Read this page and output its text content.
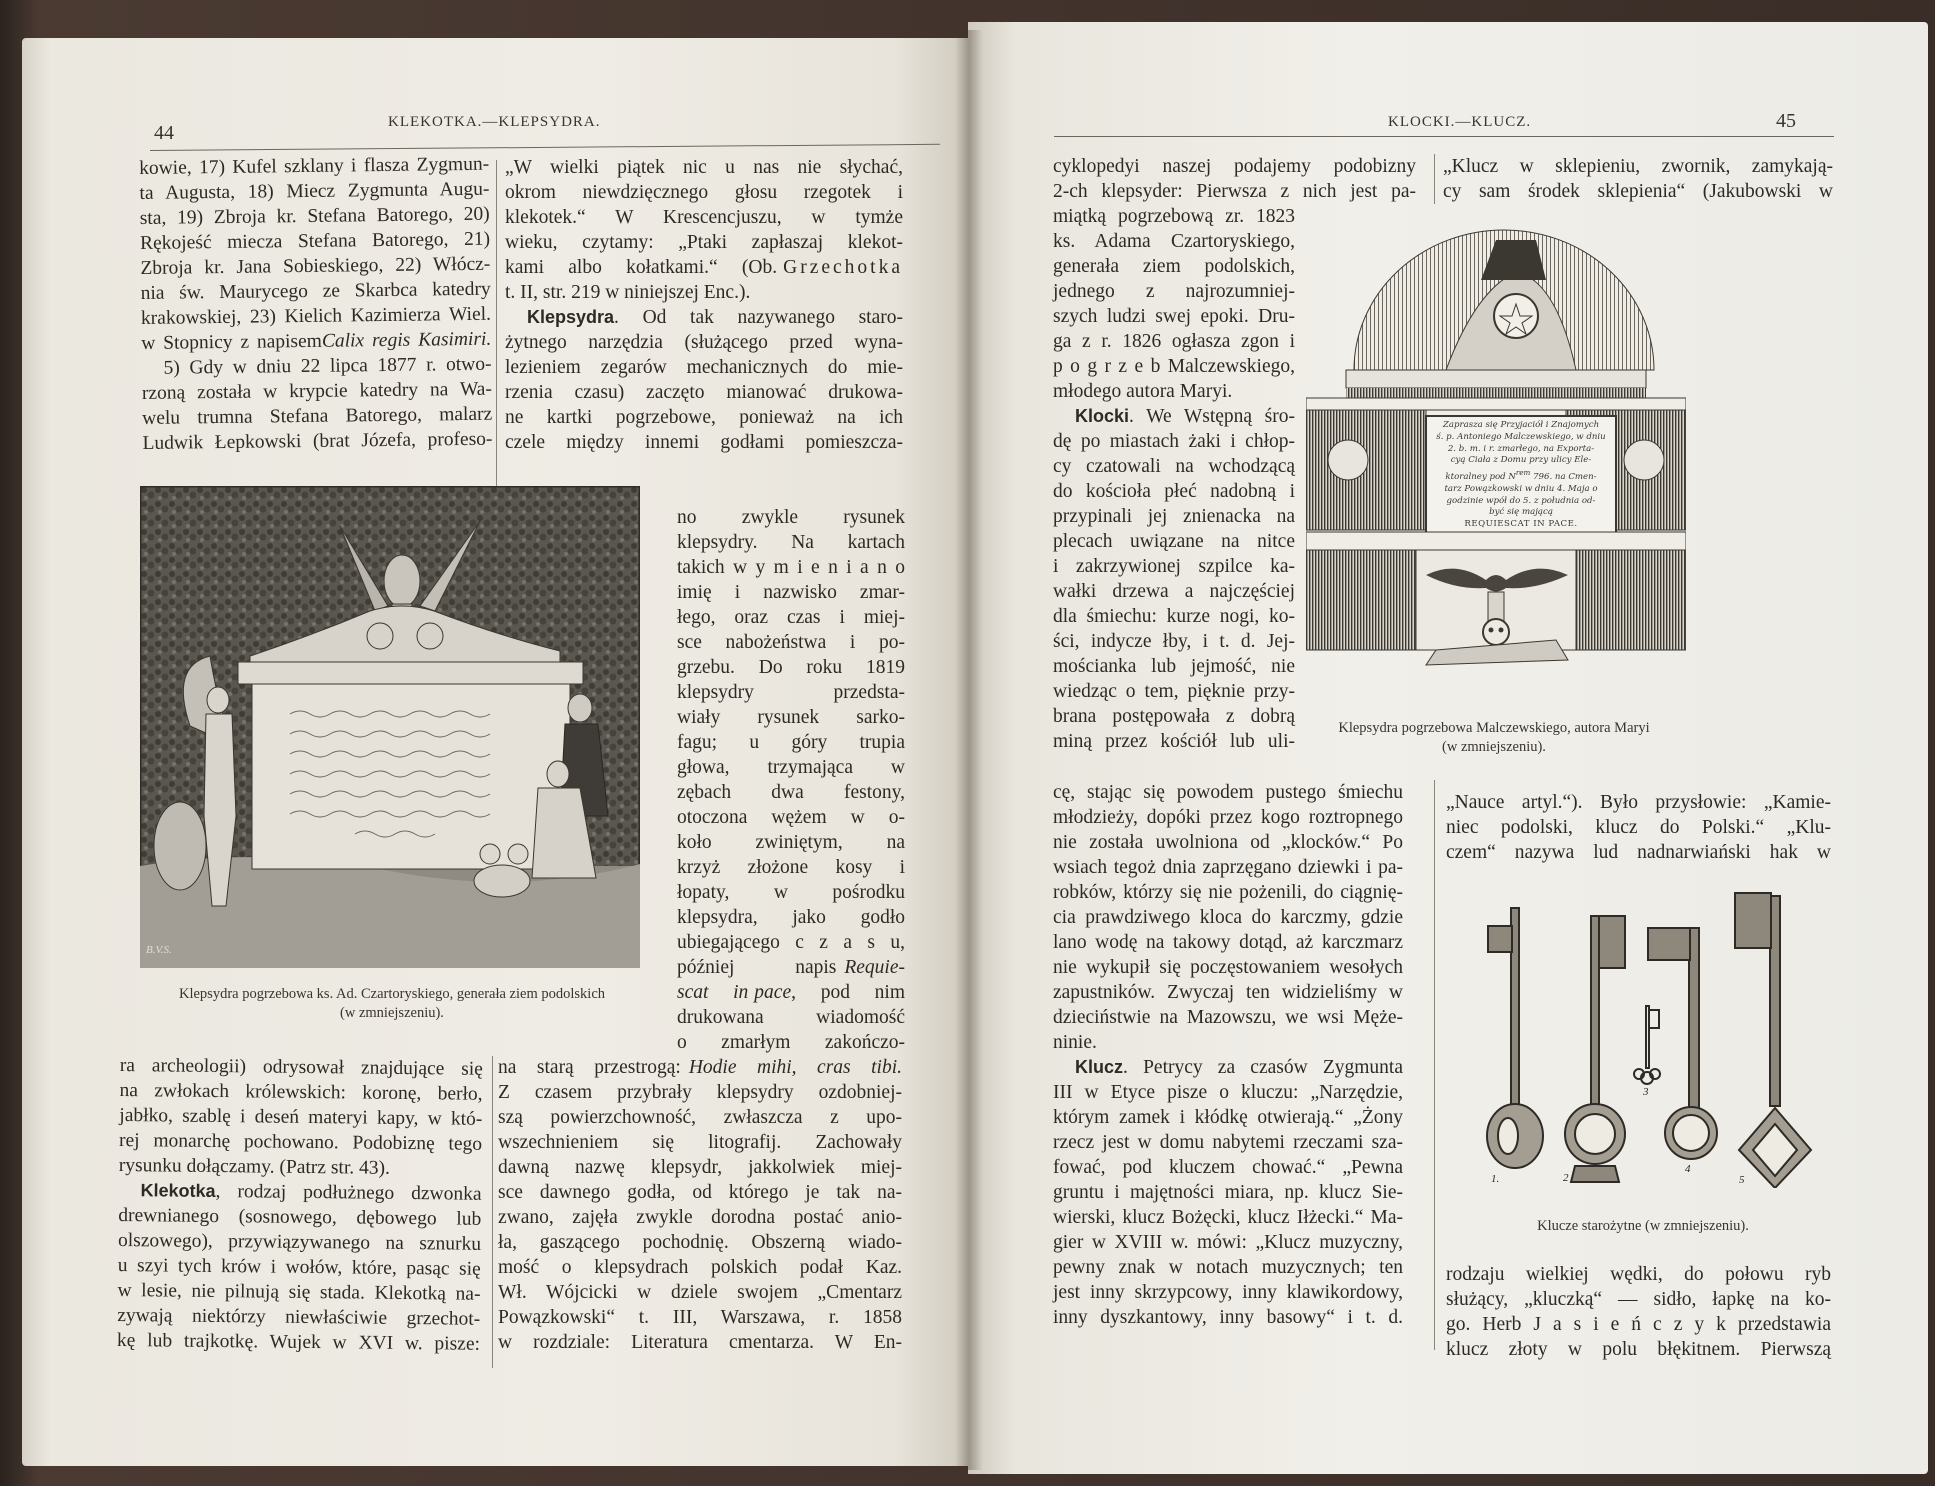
44	KLEKOTKA.—KLEPSYDRA.
kowie, 17) Kufel szklany i flasza Zygmun-
ta Augusta, 18) Miecz Zygmunta Augu-
sta, 19) Zbroja kr. Stefana Batorego, 20)
Rękojeść miecza Stefana Batorego, 21)
Zbroja kr. Jana Sobieskiego, 22) Włócz-
nia św. Maurycego ze Skarbca katedry
krakowskiej, 23) Kielich Kazimierza Wiel.
w Stopnicy z napisemCalix regis Kasimiri.
5) Gdy w dniu 22 lipca 1877 r. otwo-
rzoną została w krypcie katedry na Wa-
welu trumna Stefana Batorego, malarz
Ludwik Łepkowski (brat Józefa, profeso-
„W wielki piątek nic u nas nie słychać,
okrom niewdzięcznego głosu rzegotek i
klekotek.“ W Krescencjuszu, w tymże
wieku, czytamy: „Ptaki zapłaszaj klekot-
kami albo kołatkami.“ (Ob. Grzechotka
t. II, str. 219 w niniejszej Enc.).
Klepsydra. Od tak nazywanego staro-
żytnego narzędzia (służącego przed wyna-
lezieniem zegarów mechanicznych do mie-
rzenia czasu) zaczęto mianować drukowa-
ne kartki pogrzebowe, ponieważ na ich
czele między innemi godłami pomieszcza-
B.V.S.
Klepsydra pogrzebowa ks. Ad. Czartoryskiego, generała ziem podolskich
(w zmniejszeniu).
no zwykle rysunek
klepsydry. Na kartach
takich w y m i e n i a n o
imię i nazwisko zmar-
łego, oraz czas i miej-
sce nabożeństwa i po-
grzebu. Do roku 1819
klepsydry przedsta-
wiały rysunek sarko-
fagu; u góry trupia
głowa, trzymająca w
zębach dwa festony,
otoczona wężem w o-
koło zwiniętym, na
krzyż złożone kosy i
łopaty, w pośrodku
klepsydra, jako godło
ubiegającego c z a s u,
później napis Requie-
scat in pace, pod nim
drukowana wiadomość
o zmarłym zakończo-
ra archeologii) odrysował znajdujące się
na zwłokach królewskich: koronę, berło,
jabłko, szablę i deseń materyi kapy, w któ-
rej monarchę pochowano. Podobiznę tego
rysunku dołączamy. (Patrz str. 43).
Klekotka, rodzaj podłużnego dzwonka
drewnianego (sosnowego, dębowego lub
olszowego), przywiązywanego na sznurku
u szyi tych krów i wołów, które, pasąc się
w lesie, nie pilnują się stada. Klekotką na-
zywają niektórzy niewłaściwie grzechot-
kę lub trajkotkę. Wujek w XVI w. pisze:
na starą przestrogą: Hodie mihi, cras tibi.
Z czasem przybrały klepsydry ozdobniej-
szą powierzchowność, zwłaszcza z upo-
wszechnieniem się litografij. Zachowały
dawną nazwę klepsydr, jakkolwiek miej-
sce dawnego godła, od którego je tak na-
zwano, zajęła zwykle dorodna postać anio-
ła, gaszącego pochodnię. Obszerną wiado-
mość o klepsydrach polskich podał Kaz.
Wł. Wójcicki w dziele swojem „Cmentarz
Powązkowski“ t. III, Warszawa, r. 1858
w rozdziale: Literatura cmentarza. W En-
KLOCKI.—KLUCZ.	45
cyklopedyi naszej podajemy podobizny
2-ch klepsyder: Pierwsza z nich jest pa-
„Klucz w sklepieniu, zwornik, zamykają-
cy sam środek sklepienia“ (Jakubowski w
miątką pogrzebową zr. 1823
ks. Adama Czartoryskiego,
generała ziem podolskich,
jednego z najrozumniej-
szych ludzi swej epoki. Dru-
ga z r. 1826 ogłasza zgon i
p o g r z e b Malczewskiego,
młodego autora Maryi.
Klocki. We Wstępną śro-
dę po miastach żaki i chłop-
cy czatowali na wchodzącą
do kościoła płeć nadobną i
przypinali jej znienacka na
plecach uwiązane na nitce
i zakrzywionej szpilce ka-
wałki drzewa a najczęściej
dla śmiechu: kurze nogi, ko-
ści, indycze łby, i t. d. Jej-
mościanka lub jejmość, nie
wiedząc o tem, pięknie przy-
brana postępowała z dobrą
miną przez kościół lub uli-
Zaprasza się Przyjaciół i Znajomych
ś. p. Antoniego Malczewskiego, w dniu
2. b. m. i r. zmarłego, na Exporta-
cyą Ciała z Domu przy ulicy Ele-
ktoralney pod $N^{rem}$ 796. na Cmen-
tarz Powązkowski w dniu 4. Maja o
godzinie wpół do 5. z południa od-
być się mającą
REQUIESCAT IN PACE.
Klepsydra pogrzebowa Malczewskiego, autora Maryi
(w zmniejszeniu).
cę, stając się powodem pustego śmiechu
młodzieży, dopóki przez kogo roztropnego
nie została uwolniona od „klocków.“ Po
wsiach tegoż dnia zaprzęgano dziewki i pa-
robków, którzy się nie pożenili, do ciągnię-
cia prawdziwego kloca do karczmy, gdzie
lano wodę na takowy dotąd, aż karczmarz
nie wykupił się poczęstowaniem wesołych
zapustników. Zwyczaj ten widzieliśmy w
dzieciństwie na Mazowszu, we wsi Męże-
ninie.
Klucz. Petrycy za czasów Zygmunta
III w Etyce pisze o kluczu: „Narzędzie,
którym zamek i kłódkę otwierają.“ „Żony
rzecz jest w domu nabytemi rzeczami sza-
fować, pod kluczem chować.“ „Pewna
gruntu i majętności miara, np. klucz Sie-
wierski, klucz Bożęcki, klucz Iłżecki.“ Ma-
gier w XVIII w. mówi: „Klucz muzyczny,
pewny znak w notach muzycznych; ten
jest inny skrzypcowy, inny klawikordowy,
inny dyszkantowy, inny basowy“ i t. d.
„Nauce artyl.“). Było przysłowie: „Kamie-
niec podolski, klucz do Polski.“ „Klu-
czem“ nazywa lud nadnarwiański hak w
1.	2
3
4
5
Klucze starożytne (w zmniejszeniu).
rodzaju wielkiej wędki, do połowu ryb
służący, „kluczką“ — sidło, łapkę na ko-
go. Herb J a s i e ń c z y k przedstawia
klucz złoty w polu błękitnem. Pierwszą
